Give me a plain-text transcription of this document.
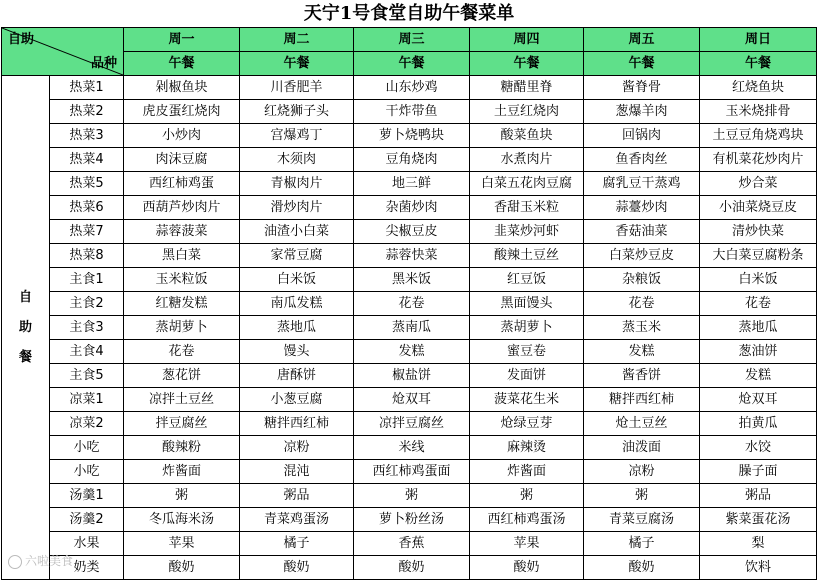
天宁1号食堂自助午餐菜单
自助
品种		周一	周二	周三	周四	周五	周日
		午餐	午餐	午餐	午餐	午餐	午餐

自
助
餐	热菜1	剁椒鱼块	川香肥羊	山东炒鸡	糖醋里脊	酱脊骨	红烧鱼块
	热菜2	虎皮蛋红烧肉	红烧狮子头	干炸带鱼	土豆红烧肉	葱爆羊肉	玉米烧排骨
	热菜3	小炒肉	宫爆鸡丁	萝卜烧鸭块	酸菜鱼块	回锅肉	土豆豆角烧鸡块
	热菜4	肉沫豆腐	木须肉	豆角烧肉	水煮肉片	鱼香肉丝	有机菜花炒肉片
	热菜5	西红柿鸡蛋	青椒肉片	地三鲜	白菜五花肉豆腐	腐乳豆干蒸鸡	炒合菜
	热菜6	西葫芦炒肉片	滑炒肉片	杂菌炒肉	香甜玉米粒	蒜薹炒肉	小油菜烧豆皮
	热菜7	蒜蓉菠菜	油渣小白菜	尖椒豆皮	韭菜炒河虾	香菇油菜	清炒快菜
	热菜8	黑白菜	家常豆腐	蒜蓉快菜	酸辣土豆丝	白菜炒豆皮	大白菜豆腐粉条
	主食1	玉米粒饭	白米饭	黑米饭	红豆饭	杂粮饭	白米饭
	主食2	红糖发糕	南瓜发糕	花卷	黑面馒头	花卷	花卷
	主食3	蒸胡萝卜	蒸地瓜	蒸南瓜	蒸胡萝卜	蒸玉米	蒸地瓜
	主食4	花卷	馒头	发糕	蜜豆卷	发糕	葱油饼
	主食5	葱花饼	唐酥饼	椒盐饼	发面饼	酱香饼	发糕
	凉菜1	凉拌土豆丝	小葱豆腐	炝双耳	菠菜花生米	糖拌西红柿	炝双耳
	凉菜2	拌豆腐丝	糖拌西红柿	凉拌豆腐丝	炝绿豆芽	炝土豆丝	拍黄瓜
	小吃	酸辣粉	凉粉	米线	麻辣烫	油泼面	水饺
	小吃	炸酱面	混沌	西红柿鸡蛋面	炸酱面	凉粉	臊子面
	汤羹1	粥	粥品	粥	粥	粥	粥品
	汤羹2	冬瓜海米汤	青菜鸡蛋汤	萝卜粉丝汤	西红柿鸡蛋汤	青菜豆腐汤	紫菜蛋花汤
	水果	苹果	橘子	香蕉	苹果	橘子	梨
	奶类	酸奶	酸奶	酸奶	酸奶	酸奶	饮料
六啦美食
